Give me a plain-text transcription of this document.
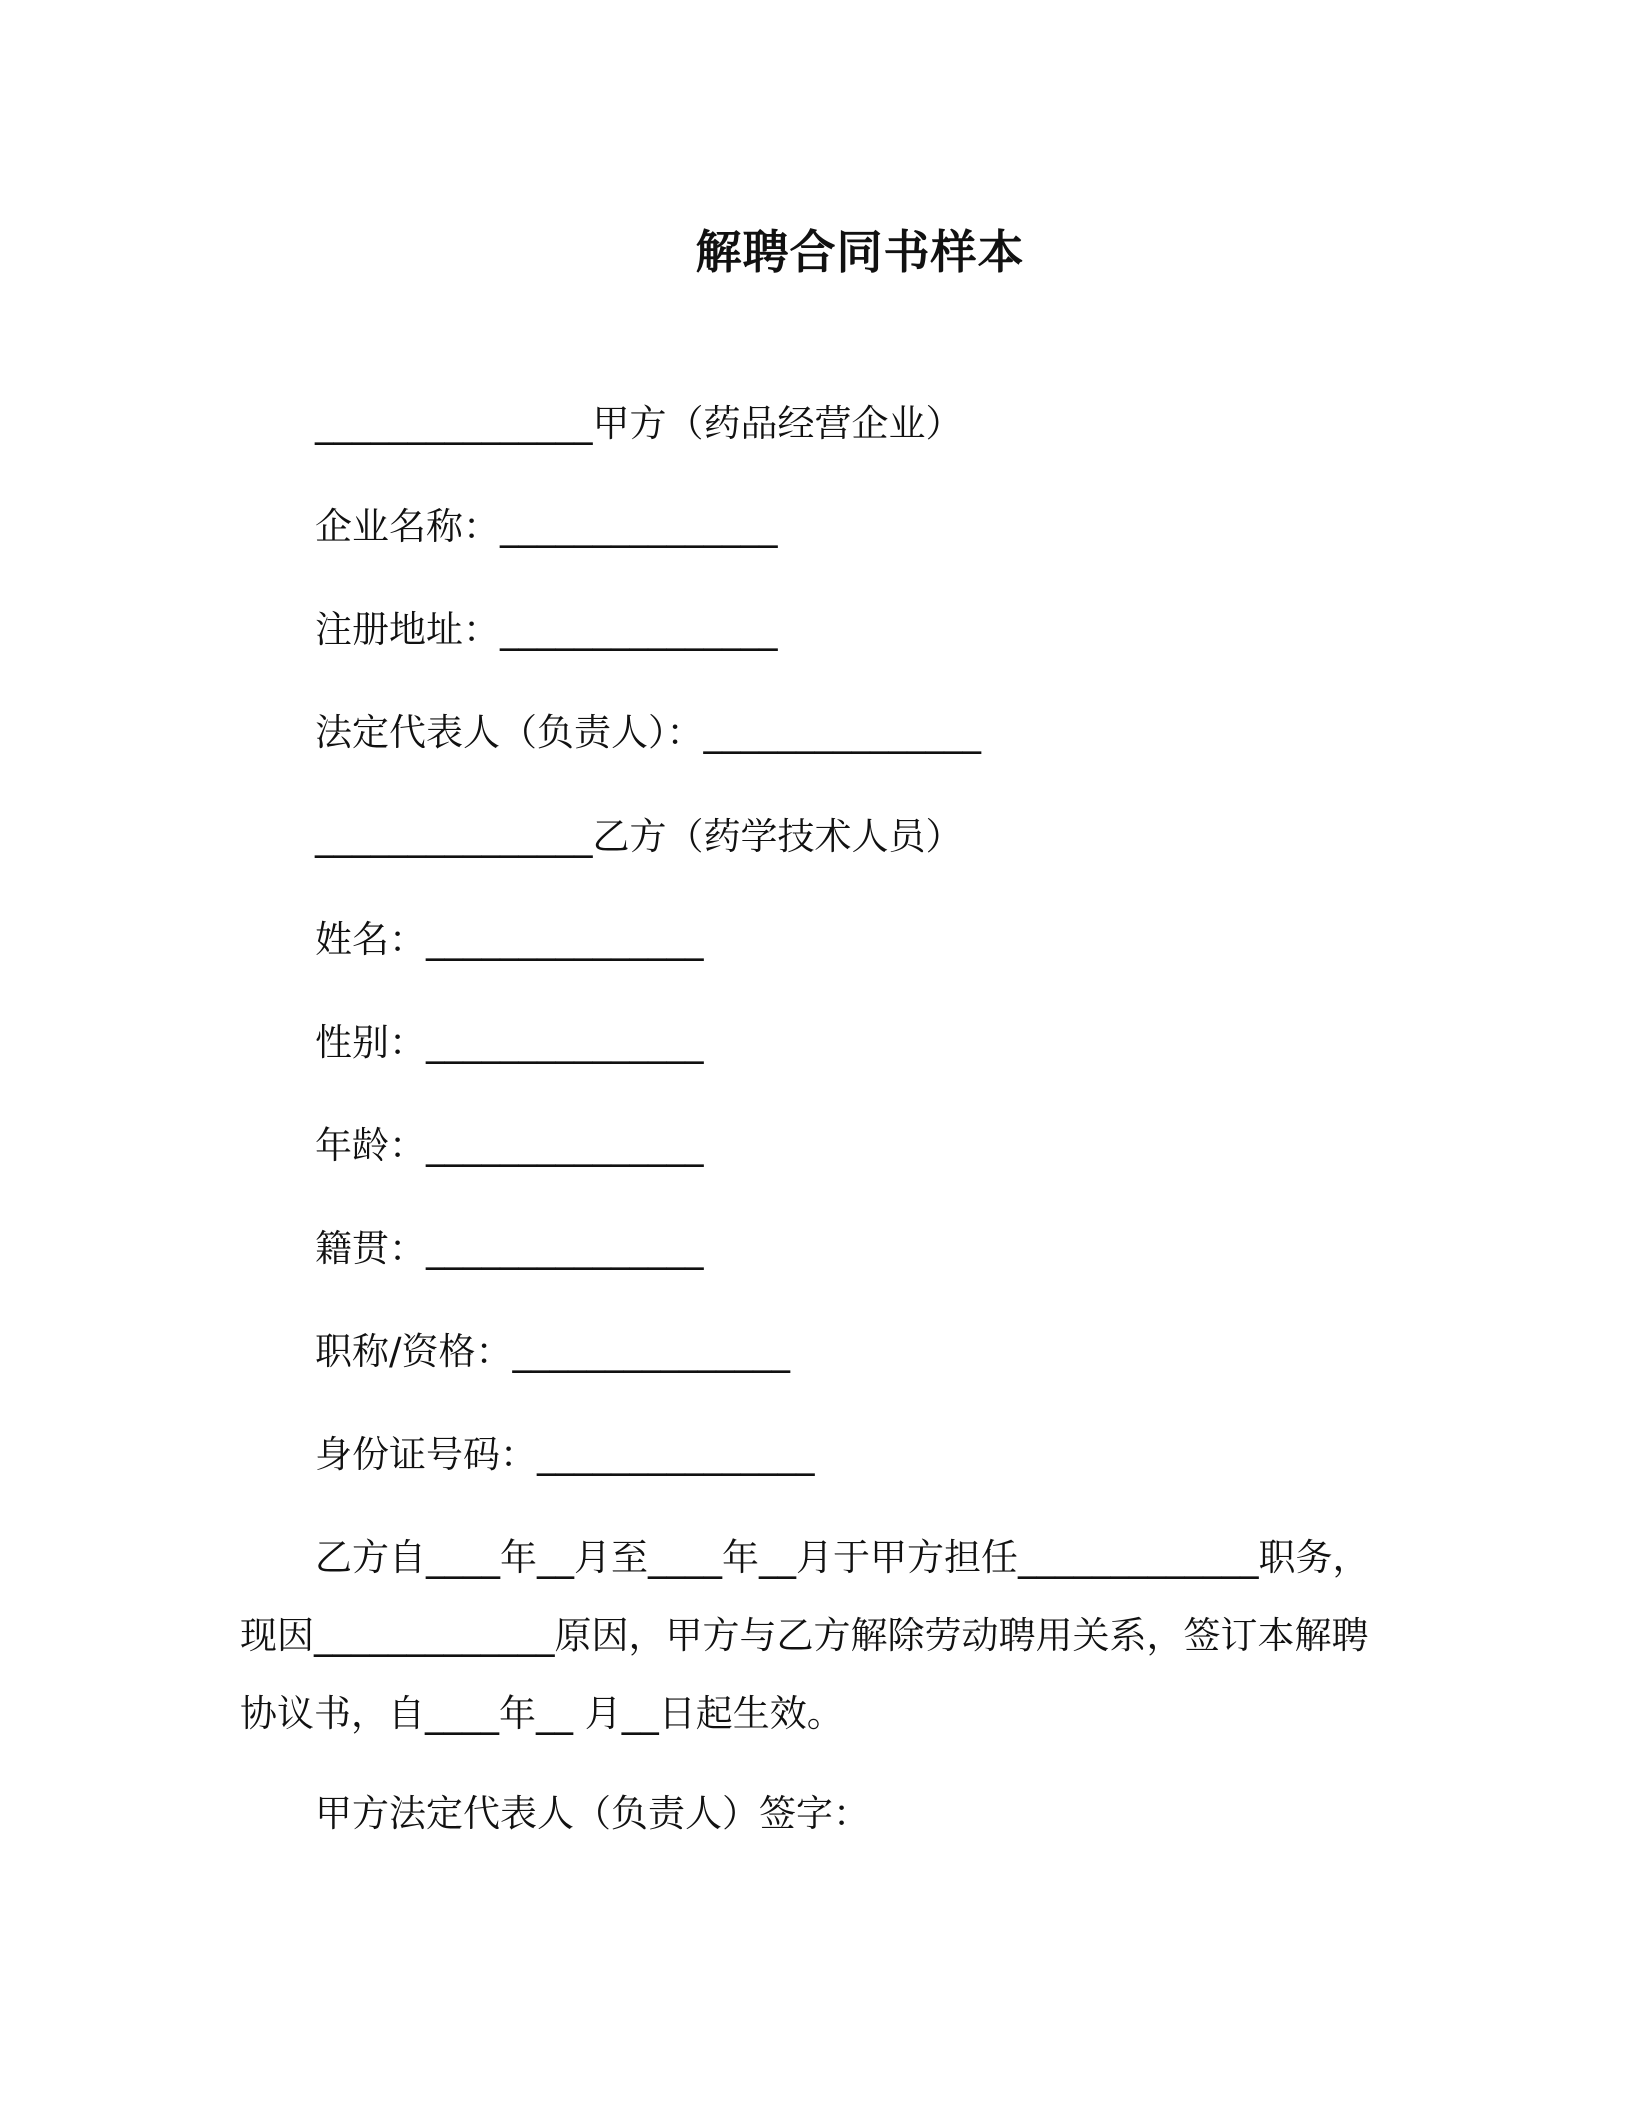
解聘合同书样本
_______________甲方（药品经营企业）
企业名称：_______________
注册地址：_______________
法定代表人（负责人）：_______________
_______________乙方（药学技术人员）
姓名：_______________
性别：_______________
年龄：_______________
籍贯：_______________
职称/资格：_______________
身份证号码：_______________
乙方自____年__月至____年__月于甲方担任_____________职务，
现因_____________原因，甲方与乙方解除劳动聘用关系，签订本解聘
协议书，自____年__ 月__日起生效。
甲方法定代表人（负责人）签字：
